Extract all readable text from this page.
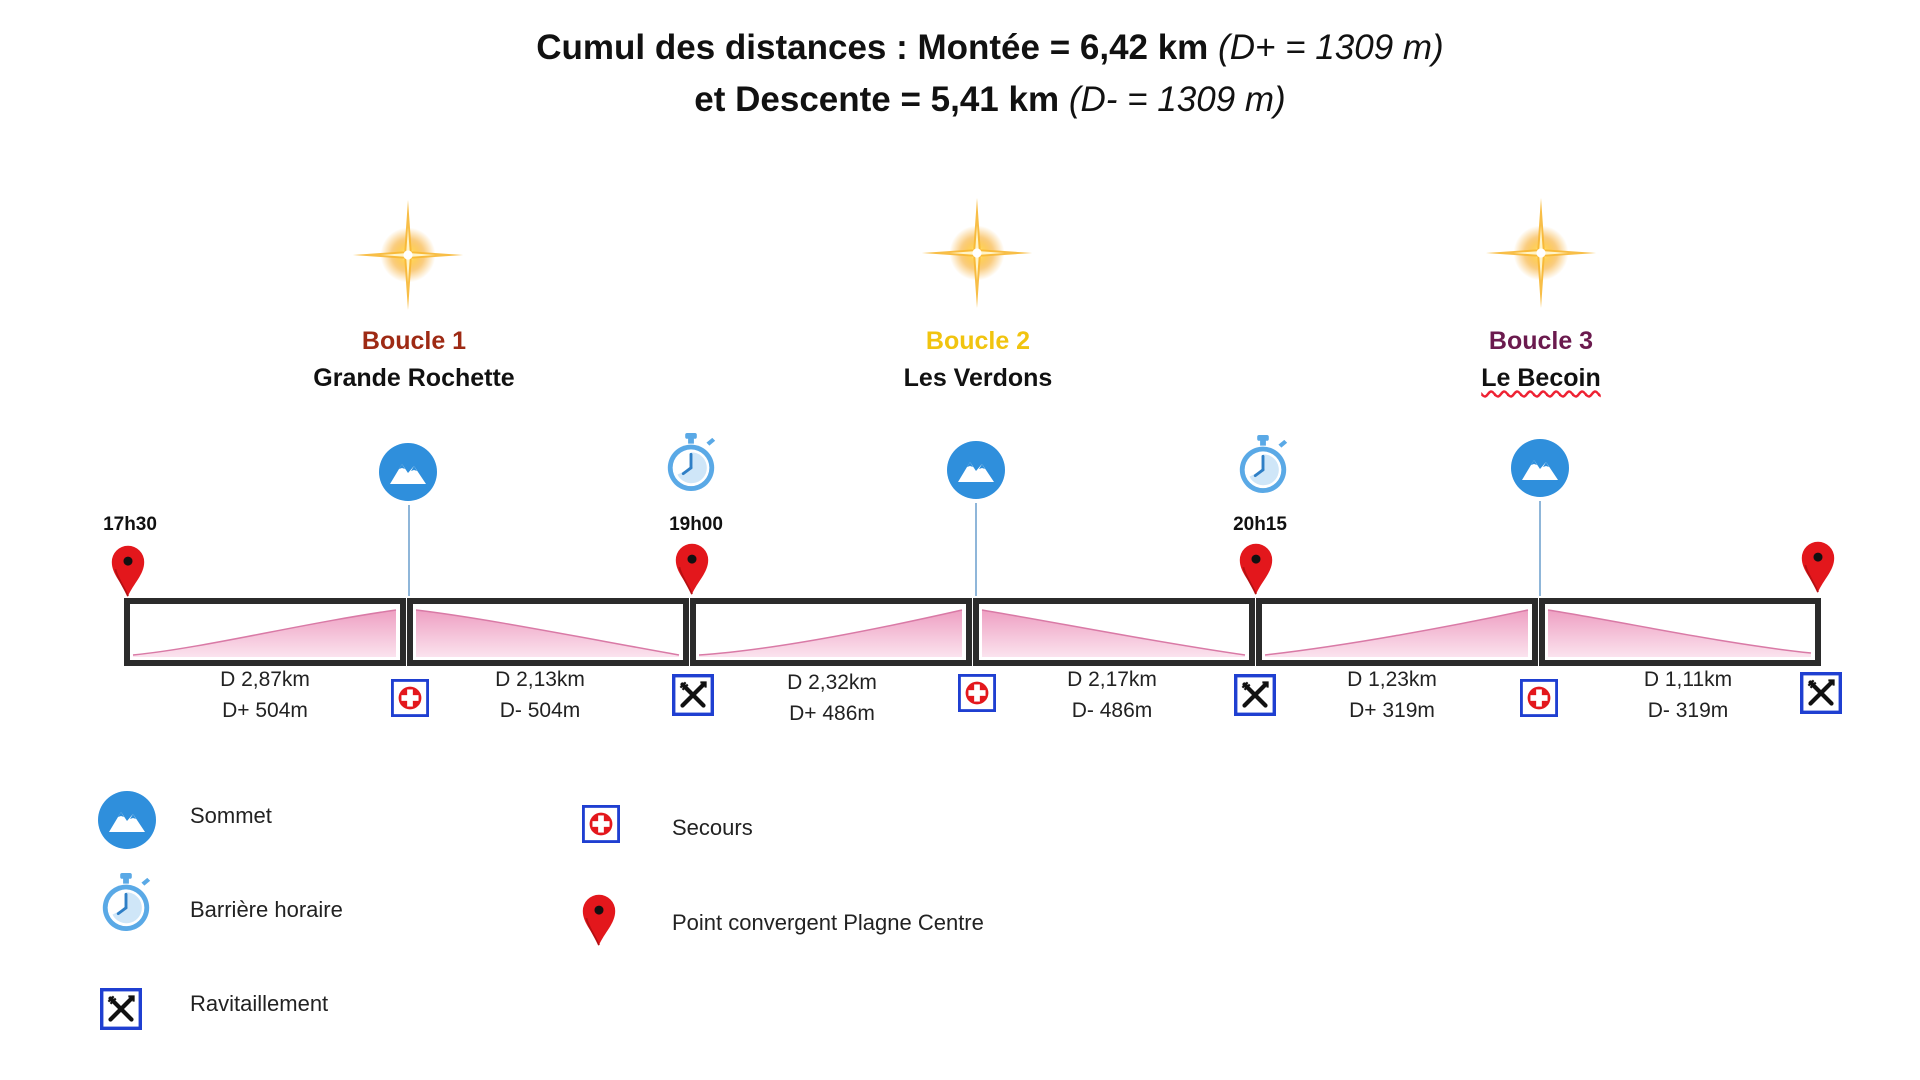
Cumul des distances : Montée = 6,42 km (D+ = 1309 m)
et Descente = 5,41 km (D- = 1309 m)
Boucle 1
Grande Rochette
Boucle 2
Les Verdons
Boucle 3
Le Becoin
17h30	19h00	20h15
D 2,87km
D+ 504m
D 2,13km
D- 504m
D 2,32km
D+ 486m
D 2,17km
D- 486m
D 1,23km
D+ 319m
D 1,11km
D- 319m
Sommet
Barrière horaire
Ravitaillement
Secours
Point convergent Plagne Centre
